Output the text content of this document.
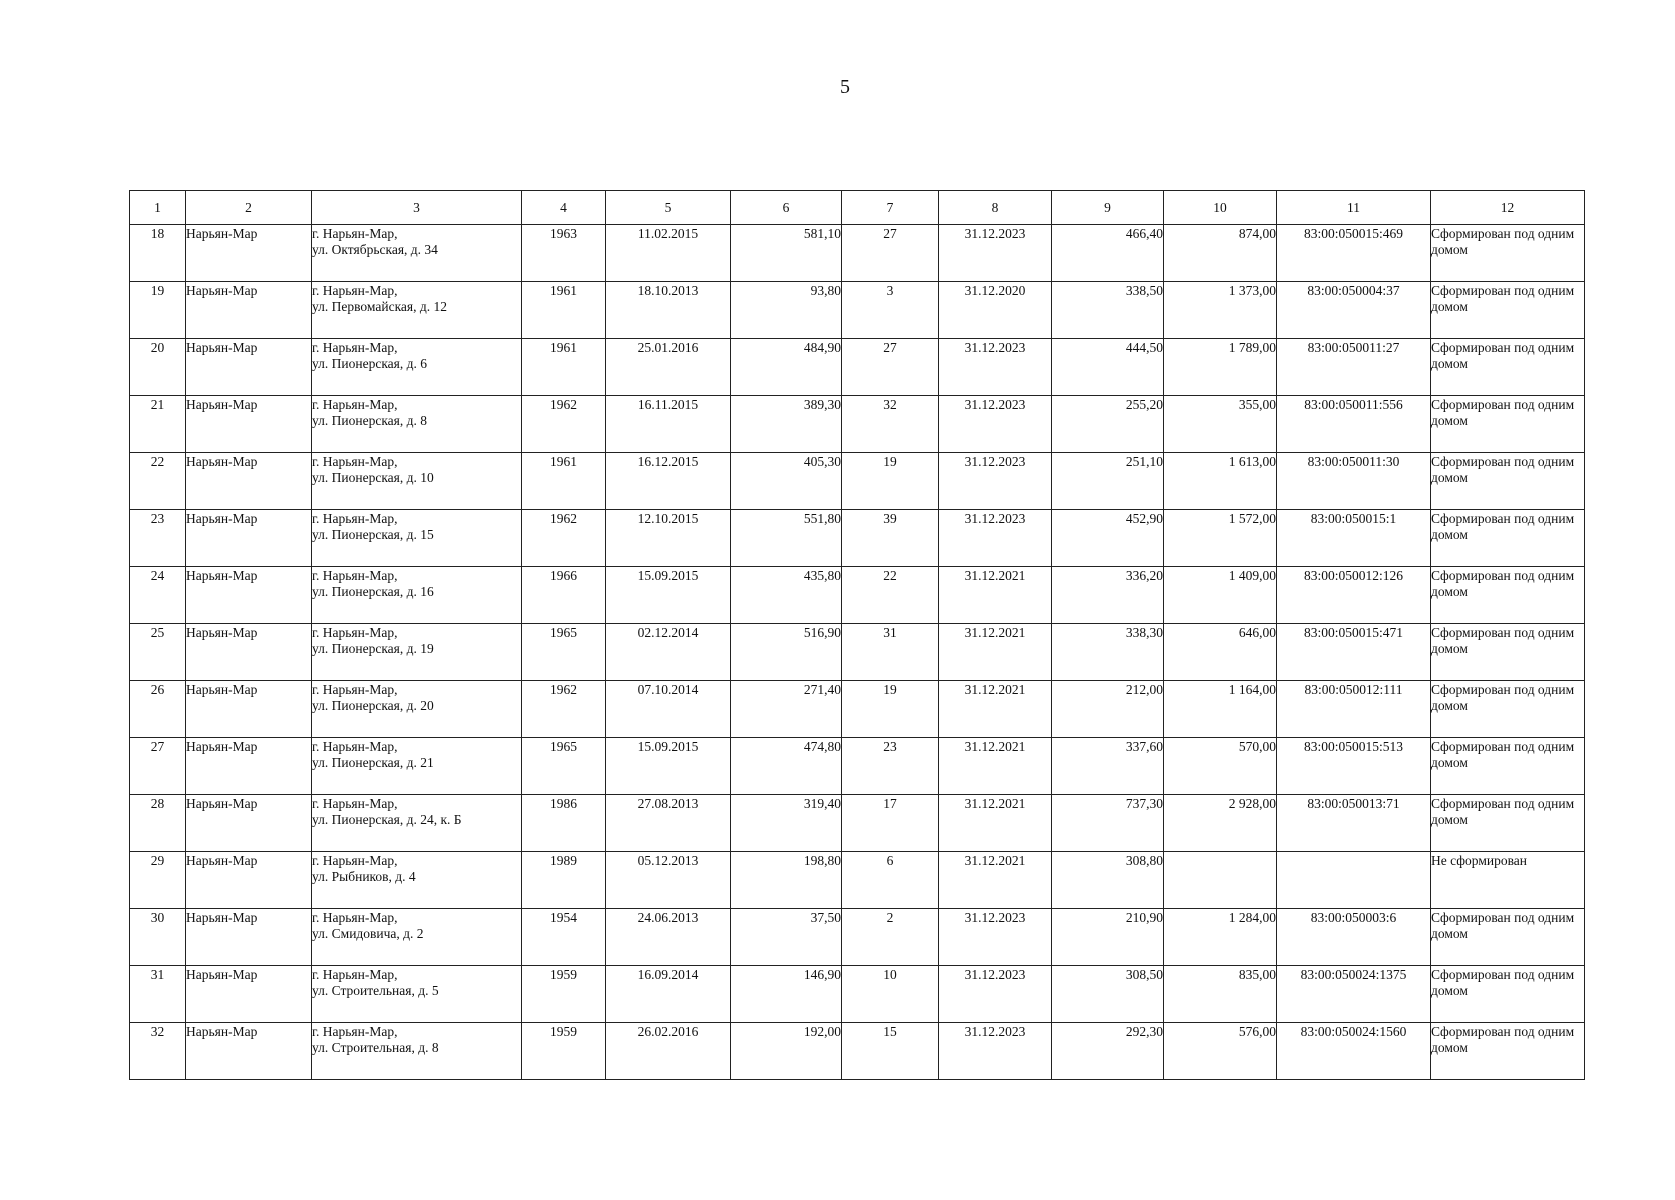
5
1	2	3	4	5	6	7	8	9	10	11	12

18	Нарьян-Мар	г. Нарьян-Мар,
ул. Октябрьская, д. 34	1963	11.02.2015	581,10	27	31.12.2023	466,40	874,00	83:00:050015:469	Сформирован под одним домом

19	Нарьян-Мар	г. Нарьян-Мар,
ул. Первомайская, д. 12	1961	18.10.2013	93,80	3	31.12.2020	338,50	1 373,00	83:00:050004:37	Сформирован под одним домом

20	Нарьян-Мар	г. Нарьян-Мар,
ул. Пионерская, д. 6	1961	25.01.2016	484,90	27	31.12.2023	444,50	1 789,00	83:00:050011:27	Сформирован под одним домом

21	Нарьян-Мар	г. Нарьян-Мар,
ул. Пионерская, д. 8	1962	16.11.2015	389,30	32	31.12.2023	255,20	355,00	83:00:050011:556	Сформирован под одним домом

22	Нарьян-Мар	г. Нарьян-Мар,
ул. Пионерская, д. 10	1961	16.12.2015	405,30	19	31.12.2023	251,10	1 613,00	83:00:050011:30	Сформирован под одним домом

23	Нарьян-Мар	г. Нарьян-Мар,
ул. Пионерская, д. 15	1962	12.10.2015	551,80	39	31.12.2023	452,90	1 572,00	83:00:050015:1	Сформирован под одним домом

24	Нарьян-Мар	г. Нарьян-Мар,
ул. Пионерская, д. 16	1966	15.09.2015	435,80	22	31.12.2021	336,20	1 409,00	83:00:050012:126	Сформирован под одним домом

25	Нарьян-Мар	г. Нарьян-Мар,
ул. Пионерская, д. 19	1965	02.12.2014	516,90	31	31.12.2021	338,30	646,00	83:00:050015:471	Сформирован под одним домом

26	Нарьян-Мар	г. Нарьян-Мар,
ул. Пионерская, д. 20	1962	07.10.2014	271,40	19	31.12.2021	212,00	1 164,00	83:00:050012:111	Сформирован под одним домом

27	Нарьян-Мар	г. Нарьян-Мар,
ул. Пионерская, д. 21	1965	15.09.2015	474,80	23	31.12.2021	337,60	570,00	83:00:050015:513	Сформирован под одним домом

28	Нарьян-Мар	г. Нарьян-Мар,
ул. Пионерская, д. 24, к. Б	1986	27.08.2013	319,40	17	31.12.2021	737,30	2 928,00	83:00:050013:71	Сформирован под одним домом

29	Нарьян-Мар	г. Нарьян-Мар,
ул. Рыбников, д. 4	1989	05.12.2013	198,80	6	31.12.2021	308,80			Не сформирован

30	Нарьян-Мар	г. Нарьян-Мар,
ул. Смидовича, д. 2	1954	24.06.2013	37,50	2	31.12.2023	210,90	1 284,00	83:00:050003:6	Сформирован под одним домом

31	Нарьян-Мар	г. Нарьян-Мар,
ул. Строительная, д. 5	1959	16.09.2014	146,90	10	31.12.2023	308,50	835,00	83:00:050024:1375	Сформирован под одним домом

32	Нарьян-Мар	г. Нарьян-Мар,
ул. Строительная, д. 8	1959	26.02.2016	192,00	15	31.12.2023	292,30	576,00	83:00:050024:1560	Сформирован под одним домом
